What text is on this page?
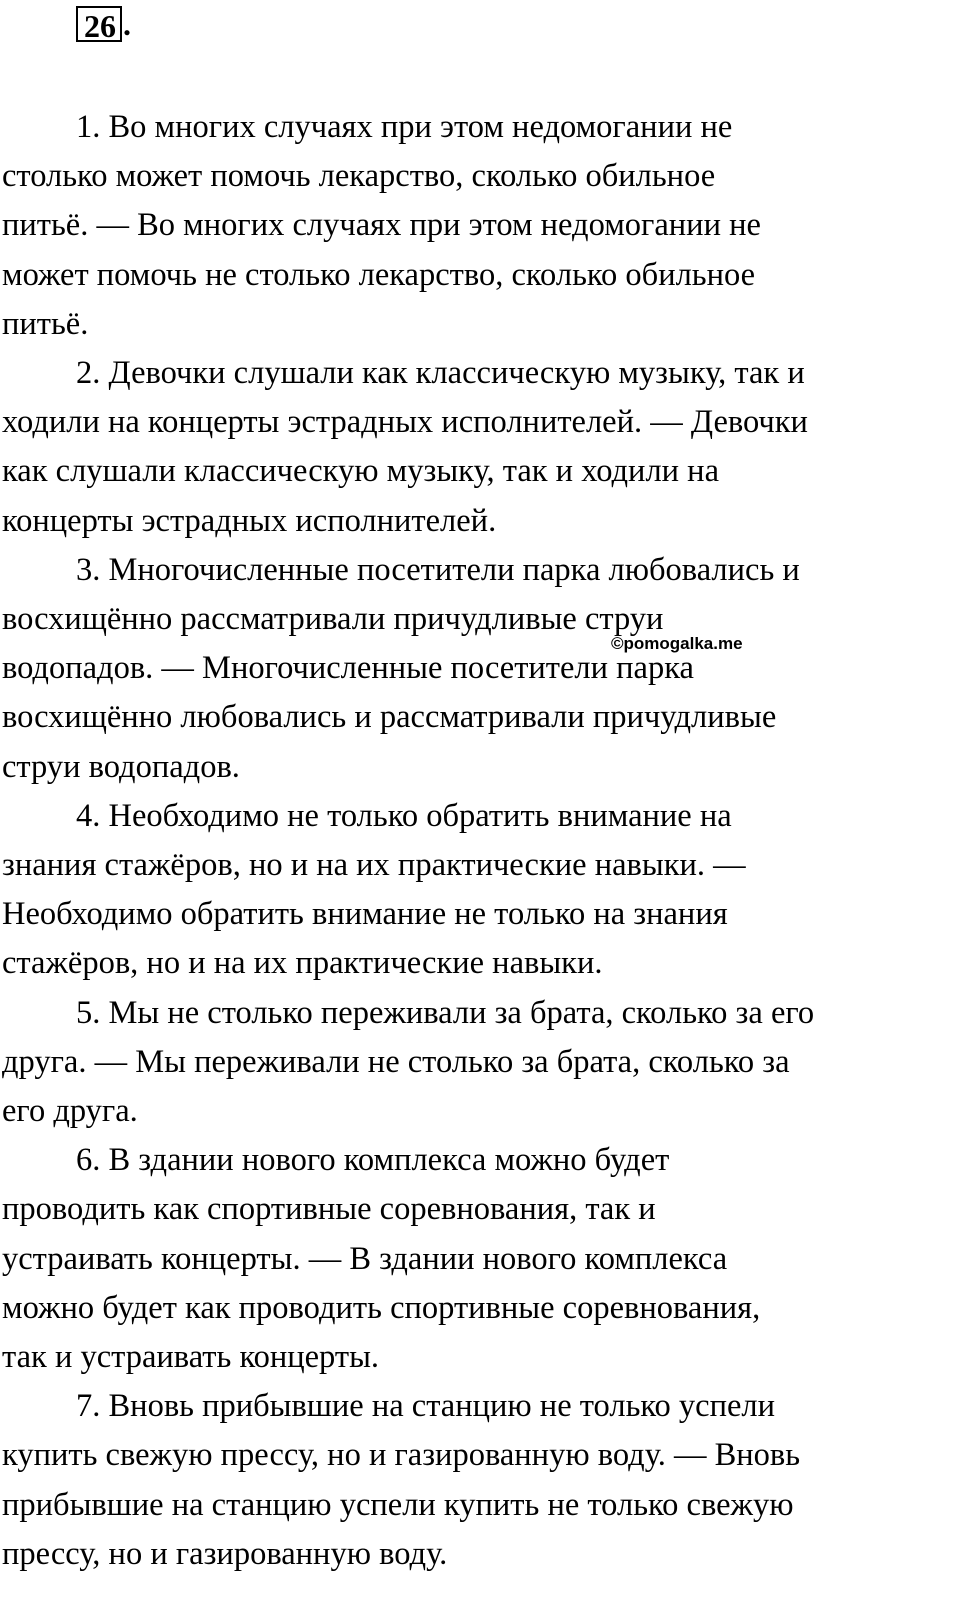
26 .

1. Во многих случаях при этом недомогании не
столько может помочь лекарство, сколько обильное
питьё. — Во многих случаях при этом недомогании не
может помочь не столько лекарство, сколько обильное
питьё.

2. Девочки слушали как классическую музыку, так и
ходили на концерты эстрадных исполнителей. — Девочки
как слушали классическую музыку, так и ходили на
концерты эстрадных исполнителей.

3. Многочисленные посетители парка любовались и
восхищённо рассматривали причудливые струи
водопадов. — Многочисленные посетители парка
восхищённо любовались и рассматривали причудливые
струи водопадов.

4. Необходимо не только обратить внимание на
знания стажёров, но и на их практические навыки. —
Необходимо обратить внимание не только на знания
стажёров, но и на их практические навыки.

5. Мы не столько переживали за брата, сколько за его
друга. — Мы переживали не столько за брата, сколько за
его друга.

6. В здании нового комплекса можно будет
проводить как спортивные соревнования, так и
устраивать концерты. — В здании нового комплекса
можно будет как проводить спортивные соревнования,
так и устраивать концерты.

7. Вновь прибывшие на станцию не только успели
купить свежую прессу, но и газированную воду. — Вновь
прибывшие на станцию успели купить не только свежую
прессу, но и газированную воду.

©pomogalka.me
